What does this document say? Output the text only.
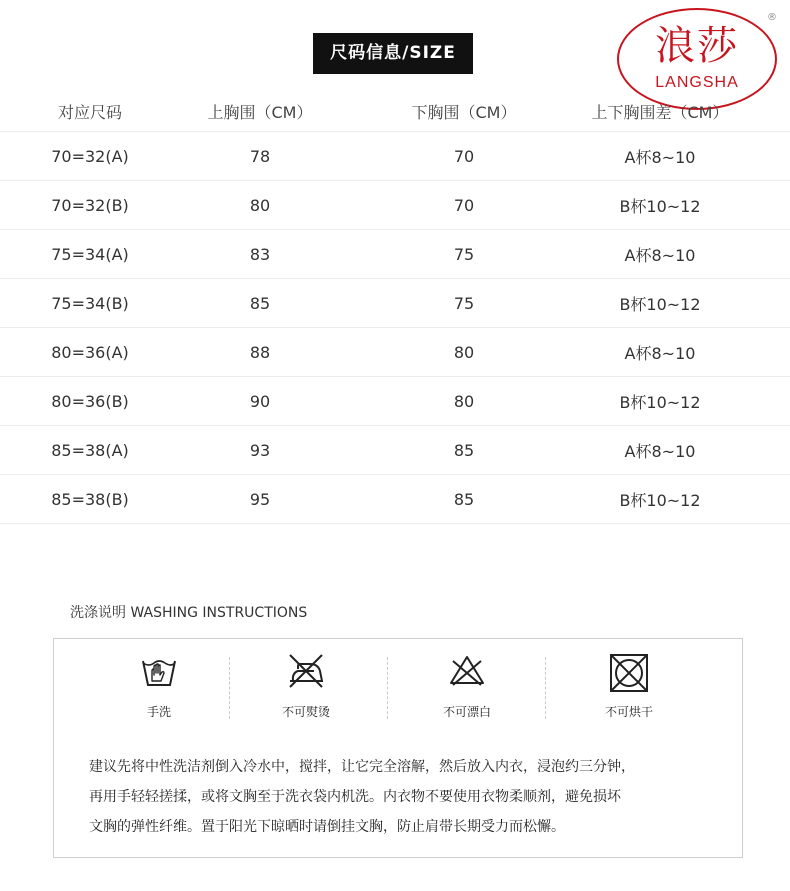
浪莎
LANGSHA
®
尺码信息/SIZE
对应尺码	上胸围（CM）	下胸围（CM）	上下胸围差（CM）
70=32(A)	78	70	A杯8~10
70=32(B)	80	70	B杯10~12
75=34(A)	83	75	A杯8~10
75=34(B)	85	75	B杯10~12
80=36(A)	88	80	A杯8~10
80=36(B)	90	80	B杯10~12
85=38(A)	93	85	A杯8~10
85=38(B)	95	85	B杯10~12
洗涤说明 WASHING INSTRUCTIONS
手洗	不可熨烫	不可漂白	不可烘干

建议先将中性洗洁剂倒入冷水中，搅拌，让它完全溶解，然后放入内衣，浸泡约三分钟，

再用手轻轻搓揉，或将文胸至于洗衣袋内机洗。内衣物不要使用衣物柔顺剂，避免损坏

文胸的弹性纤维。置于阳光下晾晒时请倒挂文胸，防止肩带长期受力而松懈。
